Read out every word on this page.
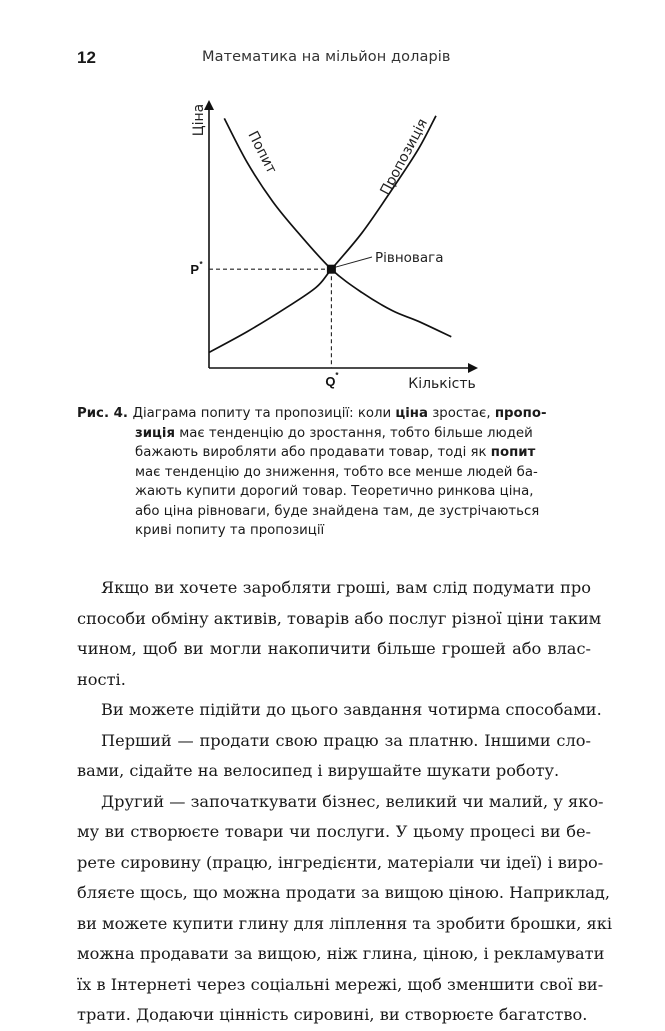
12	Математика на мільйон доларів
Ціна
Кількість
Попит	Пропозиція
Рівновага
P *
Q *
Рис. 4. Діаграма попиту та пропозиції: коли ціна зростає, пропо-
зиція має тенденцію до зростання, тобто більше людей
бажають виробляти або продавати товар, тоді як попит
має тенденцію до зниження, тобто все менше людей ба-
жають купити дорогий товар. Теоретично ринкова ціна,
або ціна рівноваги, буде знайдена там, де зустрічаються
криві попиту та пропозиції
Якщо ви хочете заробляти гроші, вам слід подумати про
способи обміну активів, товарів або послуг різної ціни таким
чином, щоб ви могли накопичити більше грошей або влас-
ності.
Ви можете підійти до цього завдання чотирма способами.
Перший — продати свою працю за платню. Іншими сло-
вами, сідайте на велосипед і вирушайте шукати роботу.
Другий — започаткувати бізнес, великий чи малий, у яко-
му ви створюєте товари чи послуги. У цьому процесі ви бе-
рете сировину (працю, інгредієнти, матеріали чи ідеї) і виро-
бляєте щось, що можна продати за вищою ціною. Наприклад,
ви можете купити глину для ліплення та зробити брошки, які
можна продавати за вищою, ніж глина, ціною, і рекламувати
їх в Інтернеті через соціальні мережі, щоб зменшити свої ви-
трати. Додаючи цінність сировині, ви створюєте багатство.
